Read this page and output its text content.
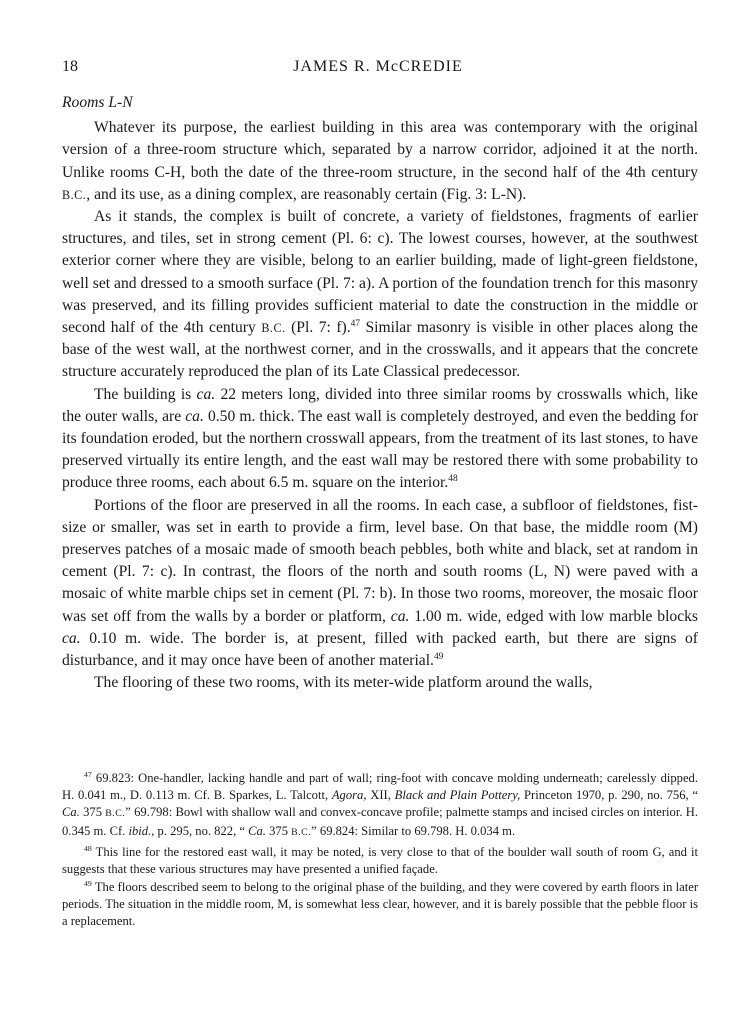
18	JAMES R. McCREDIE
Rooms L-N

Whatever its purpose, the earliest building in this area was contemporary with the original version of a three-room structure which, separated by a narrow corridor, adjoined it at the north. Unlike rooms C-H, both the date of the three-room structure, in the second half of the 4th century B.C., and its use, as a dining complex, are reasonably certain (Fig. 3: L-N).

As it stands, the complex is built of concrete, a variety of fieldstones, fragments of earlier structures, and tiles, set in strong cement (Pl. 6: c). The lowest courses, however, at the southwest exterior corner where they are visible, belong to an earlier building, made of light-green fieldstone, well set and dressed to a smooth surface (Pl. 7: a). A portion of the foundation trench for this masonry was preserved, and its filling provides sufficient material to date the construction in the middle or second half of the 4th century B.C. (Pl. 7: f).$^{47}$ Similar masonry is visible in other places along the base of the west wall, at the northwest corner, and in the crosswalls, and it appears that the concrete structure accurately reproduced the plan of its Late Classical predecessor.

The building is ca. 22 meters long, divided into three similar rooms by crosswalls which, like the outer walls, are ca. 0.50 m. thick. The east wall is completely destroyed, and even the bedding for its foundation eroded, but the northern crosswall appears, from the treatment of its last stones, to have preserved virtually its entire length, and the east wall may be restored there with some probability to produce three rooms, each about 6.5 m. square on the interior.$^{48}$

Portions of the floor are preserved in all the rooms. In each case, a subfloor of fieldstones, fist-size or smaller, was set in earth to provide a firm, level base. On that base, the middle room (M) preserves patches of a mosaic made of smooth beach pebbles, both white and black, set at random in cement (Pl. 7: c). In contrast, the floors of the north and south rooms (L, N) were paved with a mosaic of white marble chips set in cement (Pl. 7: b). In those two rooms, moreover, the mosaic floor was set off from the walls by a border or platform, ca. 1.00 m. wide, edged with low marble blocks ca. 0.10 m. wide. The border is, at present, filled with packed earth, but there are signs of disturbance, and it may once have been of another material.$^{49}$

The flooring of these two rooms, with its meter-wide platform around the walls,

$^{47}$ 69.823: One-handler, lacking handle and part of wall; ring-foot with concave molding underneath; carelessly dipped. H. 0.041 m., D. 0.113 m. Cf. B. Sparkes, L. Talcott, Agora, XII, Black and Plain Pottery, Princeton 1970, p. 290, no. 756, “ Ca. 375 B.C.” 69.798: Bowl with shallow wall and convex-concave profile; palmette stamps and incised circles on interior. H. 0.345 m. Cf. ibid., p. 295, no. 822, “ Ca. 375 B.C.” 69.824: Similar to 69.798. H. 0.034 m.

$^{48}$ This line for the restored east wall, it may be noted, is very close to that of the boulder wall south of room G, and it suggests that these various structures may have presented a unified façade.

$^{49}$ The floors described seem to belong to the original phase of the building, and they were covered by earth floors in later periods. The situation in the middle room, M, is somewhat less clear, however, and it is barely possible that the pebble floor is a replacement.
